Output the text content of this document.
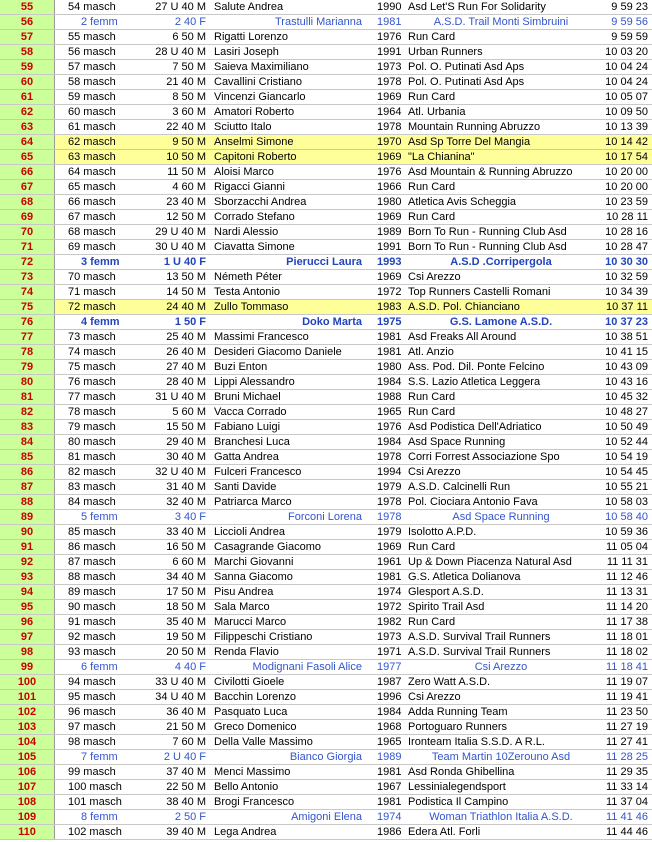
55	54 masch	27 U 40 M	Salute Andrea	1990	Asd Let'S Run For Solidarity	9 59 23
56	2 femm	2 40 F	Trastulli Marianna	1981	A.S.D. Trail Monti Simbruini	9 59 56
57	55 masch	6 50 M	Rigatti Lorenzo	1976	Run Card	9 59 59
58	56 masch	28 U 40 M	Lasiri Joseph	1991	Urban Runners	10 03 20
59	57 masch	7 50 M	Saieva Maximiliano	1973	Pol. O. Putinati Asd Aps	10 04 24
60	58 masch	21 40 M	Cavallini Cristiano	1978	Pol. O. Putinati Asd Aps	10 04 24
61	59 masch	8 50 M	Vincenzi Giancarlo	1969	Run Card	10 05 07
62	60 masch	3 60 M	Amatori Roberto	1964	Atl. Urbania	10 09 50
63	61 masch	22 40 M	Sciutto Italo	1978	Mountain Running Abruzzo	10 13 39
64	62 masch	9 50 M	Anselmi Simone	1970	Asd Sp Torre Del Mangia	10 14 42
65	63 masch	10 50 M	Capitoni Roberto	1969	"La Chianina"	10 17 54
66	64 masch	11 50 M	Aloisi Marco	1976	Asd Mountain & Running Abruzzo	10 20 00
67	65 masch	4 60 M	Rigacci Gianni	1966	Run Card	10 20 00
68	66 masch	23 40 M	Sborzacchi Andrea	1980	Atletica Avis Scheggia	10 23 59
69	67 masch	12 50 M	Corrado Stefano	1969	Run Card	10 28 11
70	68 masch	29 U 40 M	Nardi Alessio	1989	Born To Run - Running Club Asd	10 28 16
71	69 masch	30 U 40 M	Ciavatta Simone	1991	Born To Run - Running Club Asd	10 28 47
72	3 femm	1 U 40 F	Pierucci Laura	1993	A.S.D .Corripergola	10 30 30
73	70 masch	13 50 M	Németh Péter	1969	Csi Arezzo	10 32 59
74	71 masch	14 50 M	Testa Antonio	1972	Top Runners Castelli Romani	10 34 39
75	72 masch	24 40 M	Zullo Tommaso	1983	A.S.D. Pol. Chianciano	10 37 11
76	4 femm	1 50 F	Doko Marta	1975	G.S. Lamone A.S.D.	10 37 23
77	73 masch	25 40 M	Massimi Francesco	1981	Asd Freaks All Around	10 38 51
78	74 masch	26 40 M	Desideri Giacomo Daniele	1981	Atl. Anzio	10 41 15
79	75 masch	27 40 M	Buzi Enton	1980	Ass. Pod. Dil. Ponte Felcino	10 43 09
80	76 masch	28 40 M	Lippi Alessandro	1984	S.S. Lazio Atletica Leggera	10 43 16
81	77 masch	31 U 40 M	Bruni Michael	1988	Run Card	10 45 32
82	78 masch	5 60 M	Vacca Corrado	1965	Run Card	10 48 27
83	79 masch	15 50 M	Fabiano Luigi	1976	Asd Podistica Dell'Adriatico	10 50 49
84	80 masch	29 40 M	Branchesi Luca	1984	Asd Space Running	10 52 44
85	81 masch	30 40 M	Gatta Andrea	1978	Corri Forrest Associazione Spo	10 54 19
86	82 masch	32 U 40 M	Fulceri Francesco	1994	Csi Arezzo	10 54 45
87	83 masch	31 40 M	Santi Davide	1979	A.S.D. Calcinelli Run	10 55 21
88	84 masch	32 40 M	Patriarca Marco	1978	Pol. Ciociara Antonio Fava	10 58 03
89	5 femm	3 40 F	Forconi Lorena	1978	Asd Space Running	10 58 40
90	85 masch	33 40 M	Liccioli Andrea	1979	Isolotto A.P.D.	10 59 36
91	86 masch	16 50 M	Casagrande Giacomo	1969	Run Card	11 05 04
92	87 masch	6 60 M	Marchi Giovanni	1961	Up & Down Piacenza Natural Asd	11 11 31
93	88 masch	34 40 M	Sanna Giacomo	1981	G.S. Atletica Dolianova	11 12 46
94	89 masch	17 50 M	Pisu Andrea	1974	Glesport A.S.D.	11 13 31
95	90 masch	18 50 M	Sala Marco	1972	Spirito Trail Asd	11 14 20
96	91 masch	35 40 M	Marucci Marco	1982	Run Card	11 17 38
97	92 masch	19 50 M	Filippeschi Cristiano	1973	A.S.D. Survival Trail Runners	11 18 01
98	93 masch	20 50 M	Renda Flavio	1971	A.S.D. Survival Trail Runners	11 18 02
99	6 femm	4 40 F	Modignani Fasoli Alice	1977	Csi Arezzo	11 18 41
100	94 masch	33 U 40 M	Civilotti Gioele	1987	Zero Watt A.S.D.	11 19 07
101	95 masch	34 U 40 M	Bacchin Lorenzo	1996	Csi Arezzo	11 19 41
102	96 masch	36 40 M	Pasquato Luca	1984	Adda Running Team	11 23 50
103	97 masch	21 50 M	Greco Domenico	1968	Portoguaro Runners	11 27 19
104	98 masch	7 60 M	Della Valle Massimo	1965	Ironteam Italia S.S.D. A R.L.	11 27 41
105	7 femm	2 U 40 F	Bianco Giorgia	1989	Team Martin 10Zerouno Asd	11 28 25
106	99 masch	37 40 M	Menci Massimo	1981	Asd Ronda Ghibellina	11 29 35
107	100 masch	22 50 M	Bello Antonio	1967	Lessinialegendsport	11 33 14
108	101 masch	38 40 M	Brogi Francesco	1981	Podistica Il Campino	11 37 04
109	8 femm	2 50 F	Amigoni Elena	1974	Woman Triathlon Italia A.S.D.	11 41 46
110	102 masch	39 40 M	Lega Andrea	1986	Edera Atl. Forli	11 44 46
